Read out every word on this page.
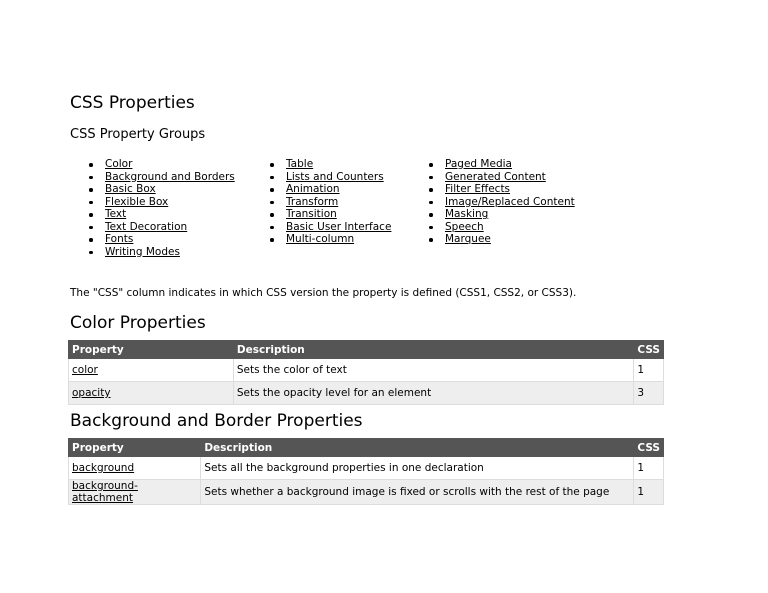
CSS Properties
CSS Property Groups
Color
Background and Borders
Basic Box
Flexible Box
Text
Text Decoration
Fonts
Writing Modes
Table
Lists and Counters
Animation
Transform
Transition
Basic User Interface
Multi-column
Paged Media
Generated Content
Filter Effects
Image/Replaced Content
Masking
Speech
Marquee

The "CSS" column indicates in which CSS version the property is defined (CSS1, CSS2, or CSS3).

Color Properties
Property	Description	CSS
color	Sets the color of text	1
opacity	Sets the opacity level for an element	3
Background and Border Properties
Property	Description	CSS
background	Sets all the background properties in one declaration	1
background-attachment	Sets whether a background image is fixed or scrolls with the rest of the page	1
